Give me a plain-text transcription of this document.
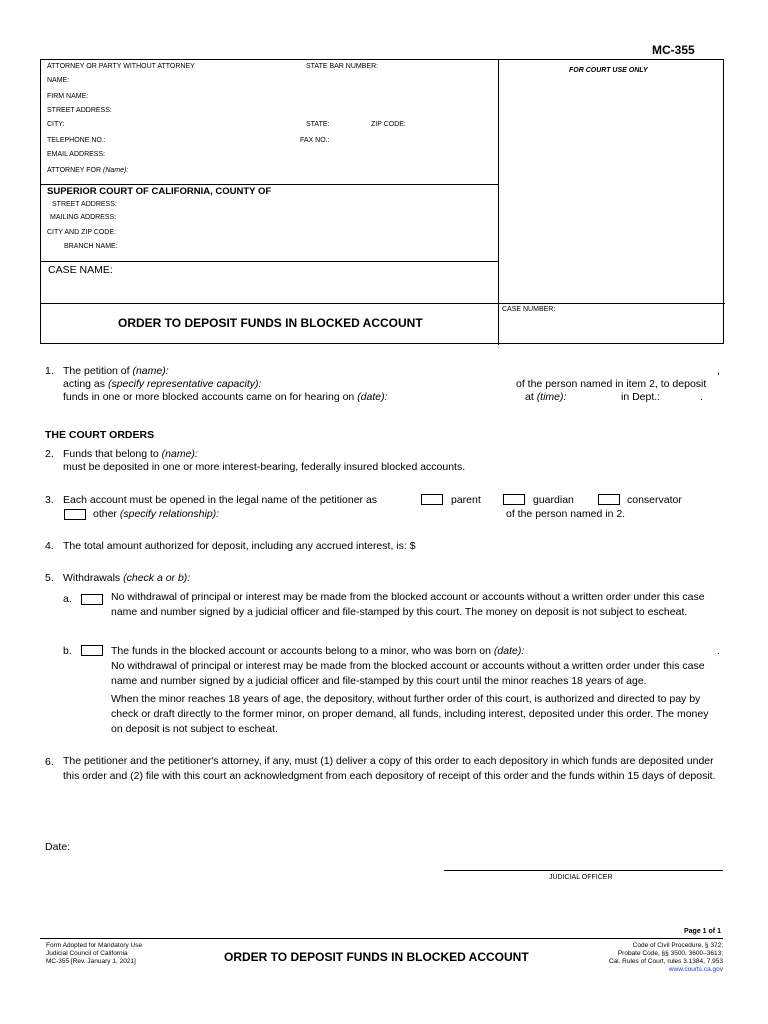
MC-355
ATTORNEY OR PARTY WITHOUT ATTORNEY	STATE BAR NUMBER:
FOR COURT USE ONLY
NAME:
FIRM NAME:
STREET ADDRESS:
CITY:	STATE:	ZIP CODE:
TELEPHONE NO.:	FAX NO.:
EMAIL ADDRESS:
ATTORNEY FOR (Name):
SUPERIOR COURT OF CALIFORNIA, COUNTY OF
STREET ADDRESS:
MAILING ADDRESS:
CITY AND ZIP CODE:
BRANCH NAME:
CASE NAME:
ORDER TO DEPOSIT FUNDS IN BLOCKED ACCOUNT
CASE NUMBER:
1. The petition of (name):	,
acting as (specify representative capacity):	of the person named in item 2, to deposit
funds in one or more blocked accounts came on for hearing on (date):	at (time):	in Dept.:	.
THE COURT ORDERS
2. Funds that belong to (name):
must be deposited in one or more interest-bearing, federally insured blocked accounts.
3. Each account must be opened in the legal name of the petitioner as	parent	guardian	conservator
other (specify relationship):	of the person named in 2.
4. The total amount authorized for deposit, including any accrued interest, is: $
5. Withdrawals (check a or b):
a.	No withdrawal of principal or interest may be made from the blocked account or accounts without a written order under this case name and number signed by a judicial officer and file-stamped by this court. The money on deposit is not subject to escheat.
b.	The funds in the blocked account or accounts belong to a minor, who was born on (date):	.
No withdrawal of principal or interest may be made from the blocked account or accounts without a written order under this case name and number signed by a judicial officer and file-stamped by this court until the minor reaches 18 years of age.
When the minor reaches 18 years of age, the depository, without further order of this court, is authorized and directed to pay by check or draft directly to the former minor, on proper demand, all funds, including interest, deposited under this order. The money on deposit is not subject to escheat.
6. The petitioner and the petitioner's attorney, if any, must (1) deliver a copy of this order to each depository in which funds are deposited under this order and (2) file with this court an acknowledgment from each depository of receipt of this order and the funds within 15 days of deposit.
Date:
JUDICIAL OFFICER
Page 1 of 1
Form Adopted for Mandatory Use
Judicial Council of California
MC-355 [Rev. January 1, 2021]	ORDER TO DEPOSIT FUNDS IN BLOCKED ACCOUNT
Code of Civil Procedure, § 372;
Probate Code, §§ 3500, 3600–3613;
Cal. Rules of Court, rules 3.1384, 7.953
www.courts.ca.gov
